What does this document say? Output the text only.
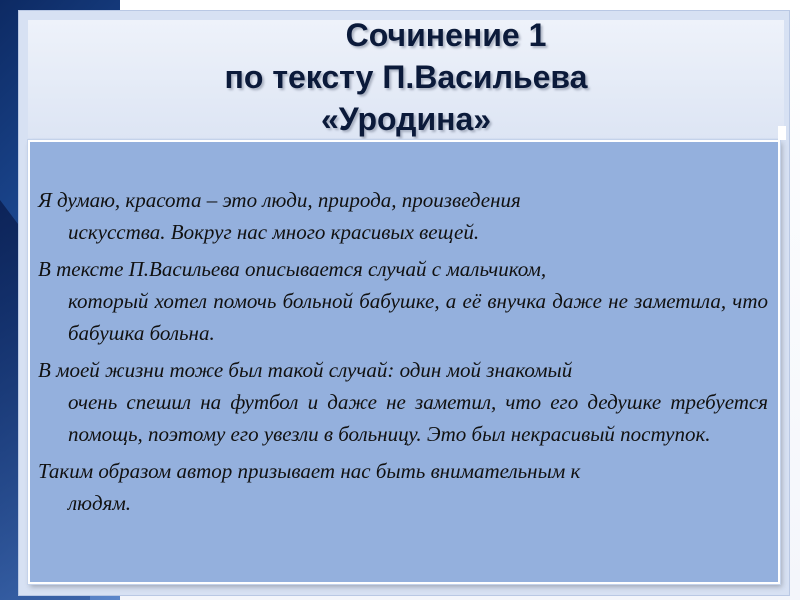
Сочинение 1
по тексту П.Васильева
«Уродина»

Я думаю, красота – это люди, природа, произведения
искусства. Вокруг нас много красивых вещей.

В тексте П.Васильева описывается случай с мальчиком,
который хотел помочь больной бабушке, а её внучка даже не заметила, что бабушка больна.

В моей жизни тоже был такой случай: один мой знакомый
очень спешил на футбол и даже не заметил, что его дедушке требуется помощь, поэтому его увезли в больницу. Это был некрасивый поступок.

Таким образом автор призывает нас быть внимательным к
людям.
